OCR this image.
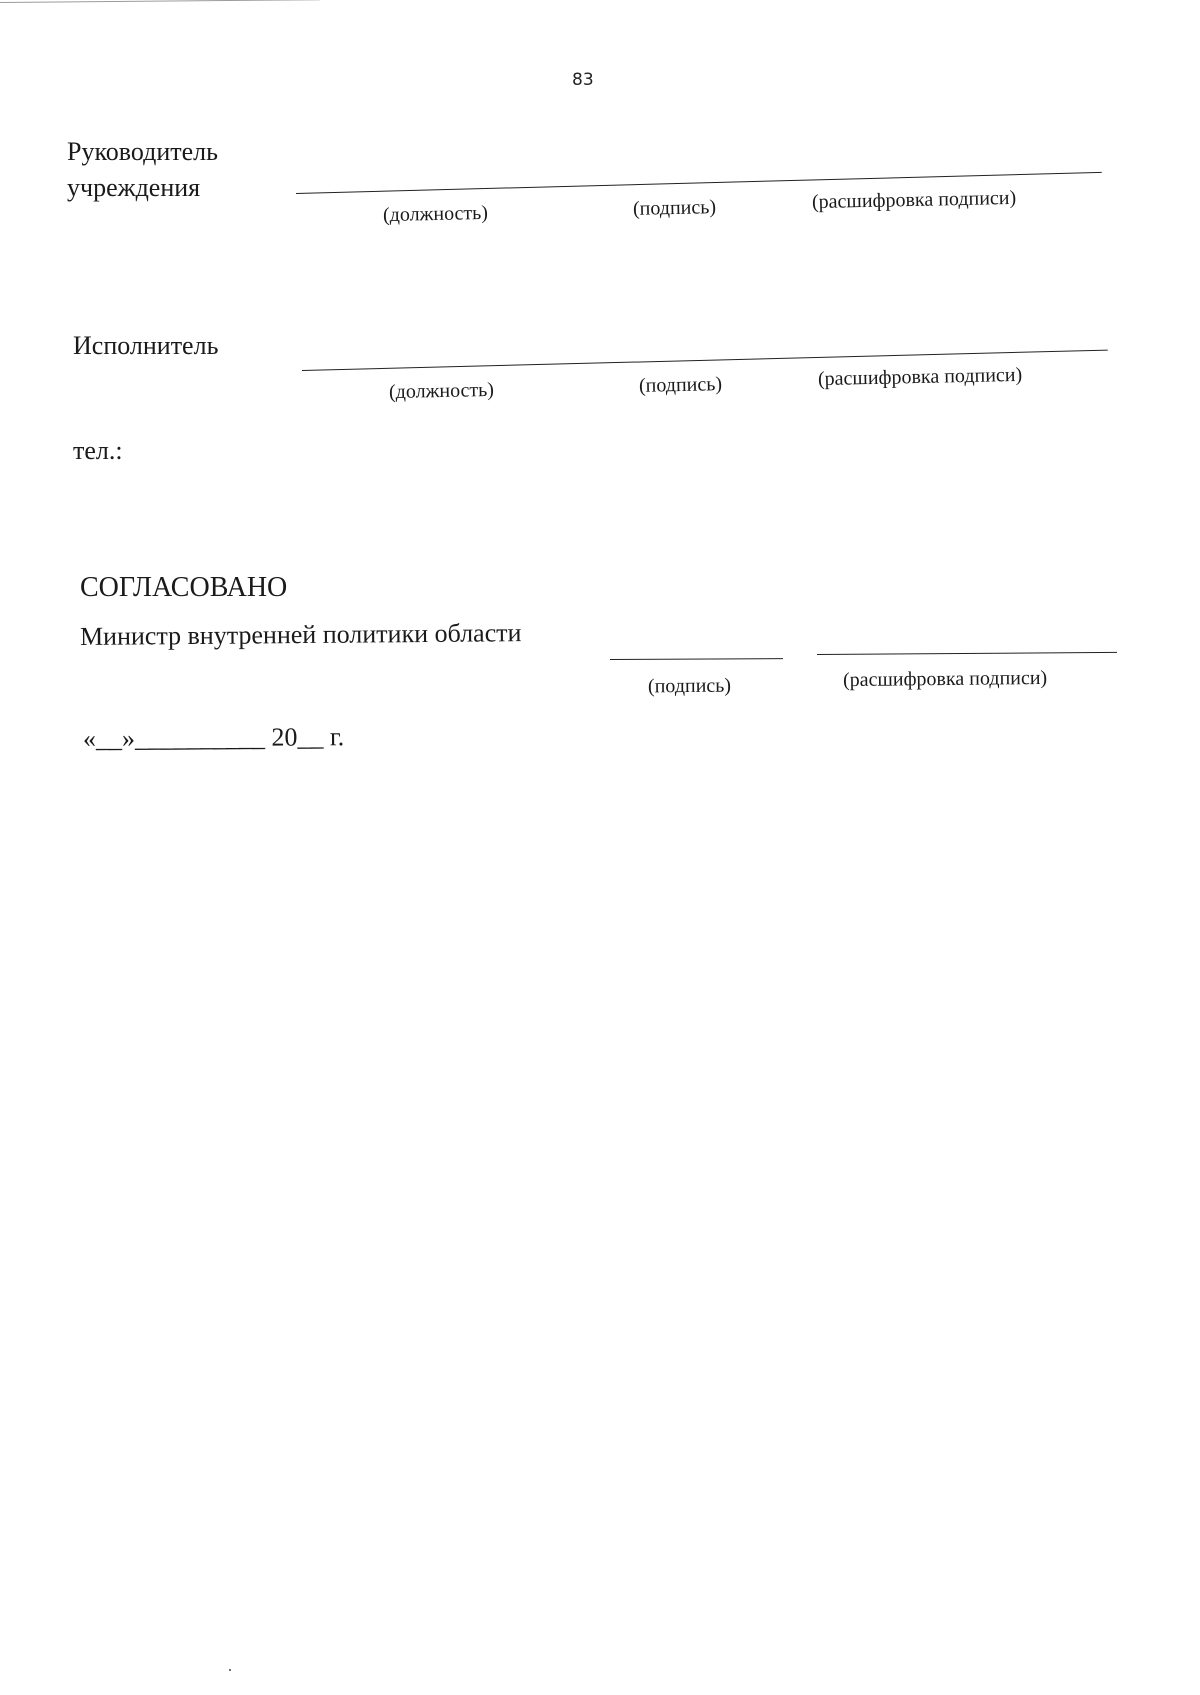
83
Руководитель
учреждения
(должность)	(подпись)	(расшифровка подписи)
Исполнитель
(должность)	(подпись)	(расшифровка подписи)
тел.:
СОГЛАСОВАНО
Министр внутренней политики области
(подпись)	(расшифровка подписи)
«__»__________ 20__ г.
